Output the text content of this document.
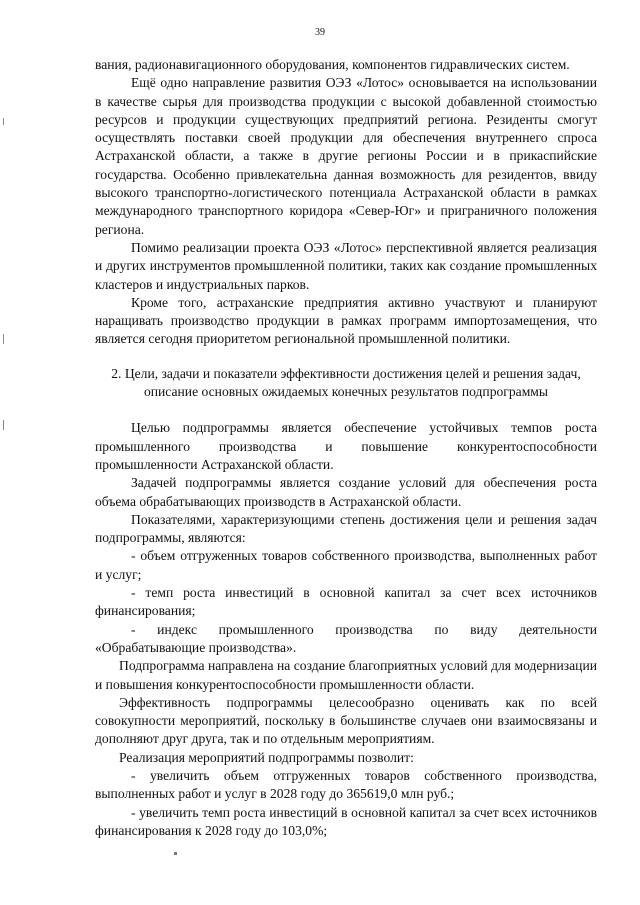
39

вания, радионавигационного оборудования, компонентов гидравлических систем.

Ещё одно направление развития ОЭЗ «Лотос» основывается на использовании в качестве сырья для производства продукции с высокой добавленной стоимостью ресурсов и продукции существующих предприятий региона. Резиденты смогут осуществлять поставки своей продукции для обеспечения внутреннего спроса Астраханской области, а также в другие регионы России и в прикаспийские государства. Особенно привлекательна данная возможность для резидентов, ввиду высокого транспортно-логистического потенциала Астраханской области в рамках международного транспортного коридора «Север-Юг» и приграничного положения региона.

Помимо реализации проекта ОЭЗ «Лотос» перспективной является реализация и других инструментов промышленной политики, таких как создание промышленных кластеров и индустриальных парков.

Кроме того, астраханские предприятия активно участвуют и планируют наращивать производство продукции в рамках программ импортозамещения, что является сегодня приоритетом региональной промышленной политики.

2. Цели, задачи и показатели эффективности достижения целей и решения задач, описание основных ожидаемых конечных результатов подпрограммы

Целью подпрограммы является обеспечение устойчивых темпов роста промышленного производства и повышение конкурентоспособности промышленности Астраханской области.

Задачей подпрограммы является создание условий для обеспечения роста объема обрабатывающих производств в Астраханской области.

Показателями, характеризующими степень достижения цели и решения задач подпрограммы, являются:

- объем отгруженных товаров собственного производства, выполненных работ и услуг;

- темп роста инвестиций в основной капитал за счет всех источников финансирования;

- индекс промышленного производства по виду деятельности «Обрабатывающие производства».

Подпрограмма направлена на создание благоприятных условий для модернизации и повышения конкурентоспособности промышленности области.

Эффективность подпрограммы целесообразно оценивать как по всей совокупности мероприятий, поскольку в большинстве случаев они взаимосвязаны и дополняют друг друга, так и по отдельным мероприятиям.

Реализация мероприятий подпрограммы позволит:

- увеличить объем отгруженных товаров собственного производства, выполненных работ и услуг в 2028 году до 365619,0 млн руб.;

- увеличить темп роста инвестиций в основной капитал за счет всех источников финансирования к 2028 году до 103,0%;
